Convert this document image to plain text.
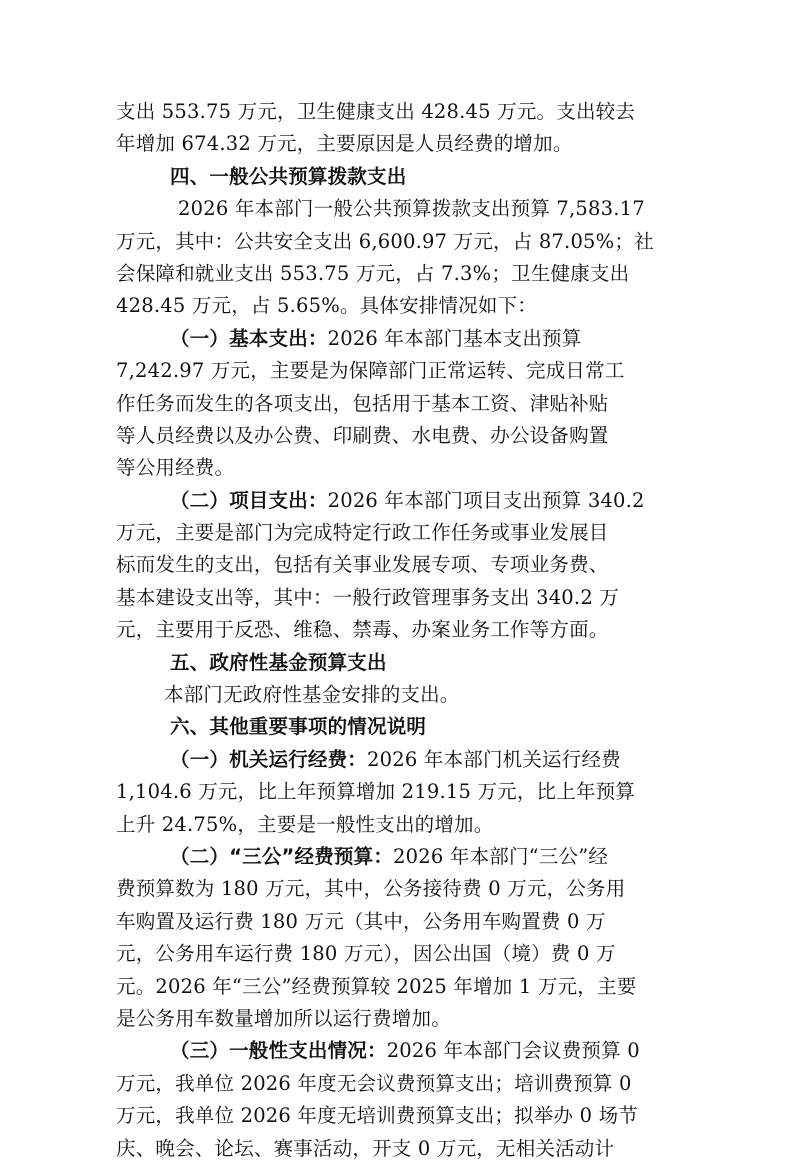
支出 553.75 万元，卫生健康支出 428.45 万元。支出较去
年增加 674.32 万元，主要原因是人员经费的增加。
四、一般公共预算拨款支出
2026 年本部门一般公共预算拨款支出预算 7,583.17
万元，其中：公共安全支出 6,600.97 万元，占 87.05%；社
会保障和就业支出 553.75 万元，占 7.3%；卫生健康支出
428.45 万元，占 5.65%。具体安排情况如下：
（一）基本支出：2026 年本部门基本支出预算
7,242.97 万元，主要是为保障部门正常运转、完成日常工
作任务而发生的各项支出，包括用于基本工资、津贴补贴
等人员经费以及办公费、印刷费、水电费、办公设备购置
等公用经费。
（二）项目支出：2026 年本部门项目支出预算 340.2
万元，主要是部门为完成特定行政工作任务或事业发展目
标而发生的支出，包括有关事业发展专项、专项业务费、
基本建设支出等，其中：一般行政管理事务支出 340.2 万
元，主要用于反恐、维稳、禁毒、办案业务工作等方面。
五、政府性基金预算支出
本部门无政府性基金安排的支出。
六、其他重要事项的情况说明
（一）机关运行经费：2026 年本部门机关运行经费
1,104.6 万元，比上年预算增加 219.15 万元，比上年预算
上升 24.75%，主要是一般性支出的增加。
（二）“三公”经费预算：2026 年本部门“三公”经
费预算数为 180 万元，其中，公务接待费 0 万元，公务用
车购置及运行费 180 万元（其中，公务用车购置费 0 万
元，公务用车运行费 180 万元），因公出国（境）费 0 万
元。2026 年“三公”经费预算较 2025 年增加 1 万元，主要
是公务用车数量增加所以运行费增加。
（三）一般性支出情况：2026 年本部门会议费预算 0
万元，我单位 2026 年度无会议费预算支出；培训费预算 0
万元，我单位 2026 年度无培训费预算支出；拟举办 0 场节
庆、晚会、论坛、赛事活动，开支 0 万元，无相关活动计
